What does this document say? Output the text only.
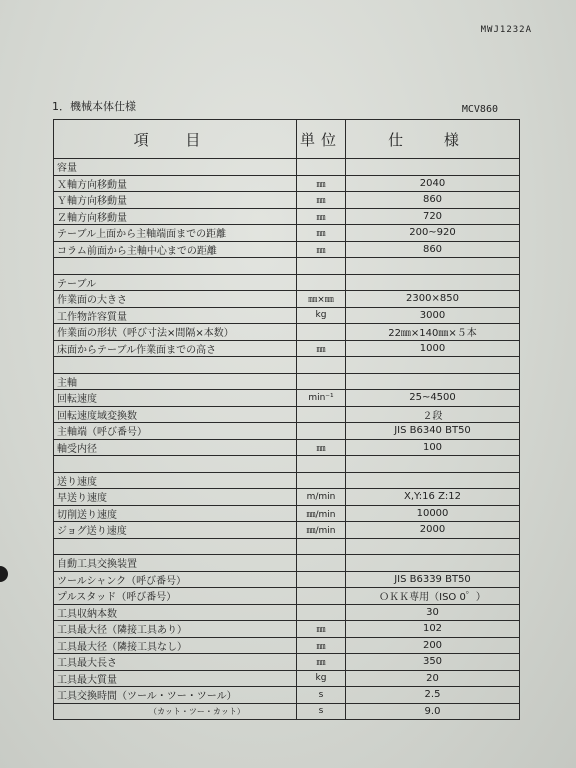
MWJ1232A
1．機械本体仕様	MCV860
項 目	単位	仕 様
容量		
Ｘ軸方向移動量	㎜	2040
Ｙ軸方向移動量	㎜	860
Ｚ軸方向移動量	㎜	720
テーブル上面から主軸端面までの距離	㎜	200~920
コラム前面から主軸中心までの距離	㎜	860

テーブル		
作業面の大きさ	㎜×㎜	2300×850
工作物許容質量	kg	3000
作業面の形状（呼び寸法×間隔×本数）		22㎜×140㎜×５本
床面からテーブル作業面までの高さ	㎜	1000

主軸		
回転速度	min⁻¹	25~4500
回転速度域変換数		２段
主軸端（呼び番号）		JIS B6340 BT50
軸受内径	㎜	100

送り速度		
早送り速度	m/min	X,Y:16 Z:12
切削送り速度	㎜/min	10000
ジョグ送り速度	㎜/min	2000

自動工具交換装置		
ツールシャンク（呼び番号）		JIS B6339 BT50
プルスタッド（呼び番号）		ＯＫＫ専用（ISO 0゜）
工具収納本数		30
工具最大径（隣接工具あり）	㎜	102
工具最大径（隣接工具なし）	㎜	200
工具最大長さ	㎜	350
工具最大質量	kg	20
工具交換時間（ツール・ツー・ツール）	s	2.5
（カット・ツー・カット）	s	9.0
